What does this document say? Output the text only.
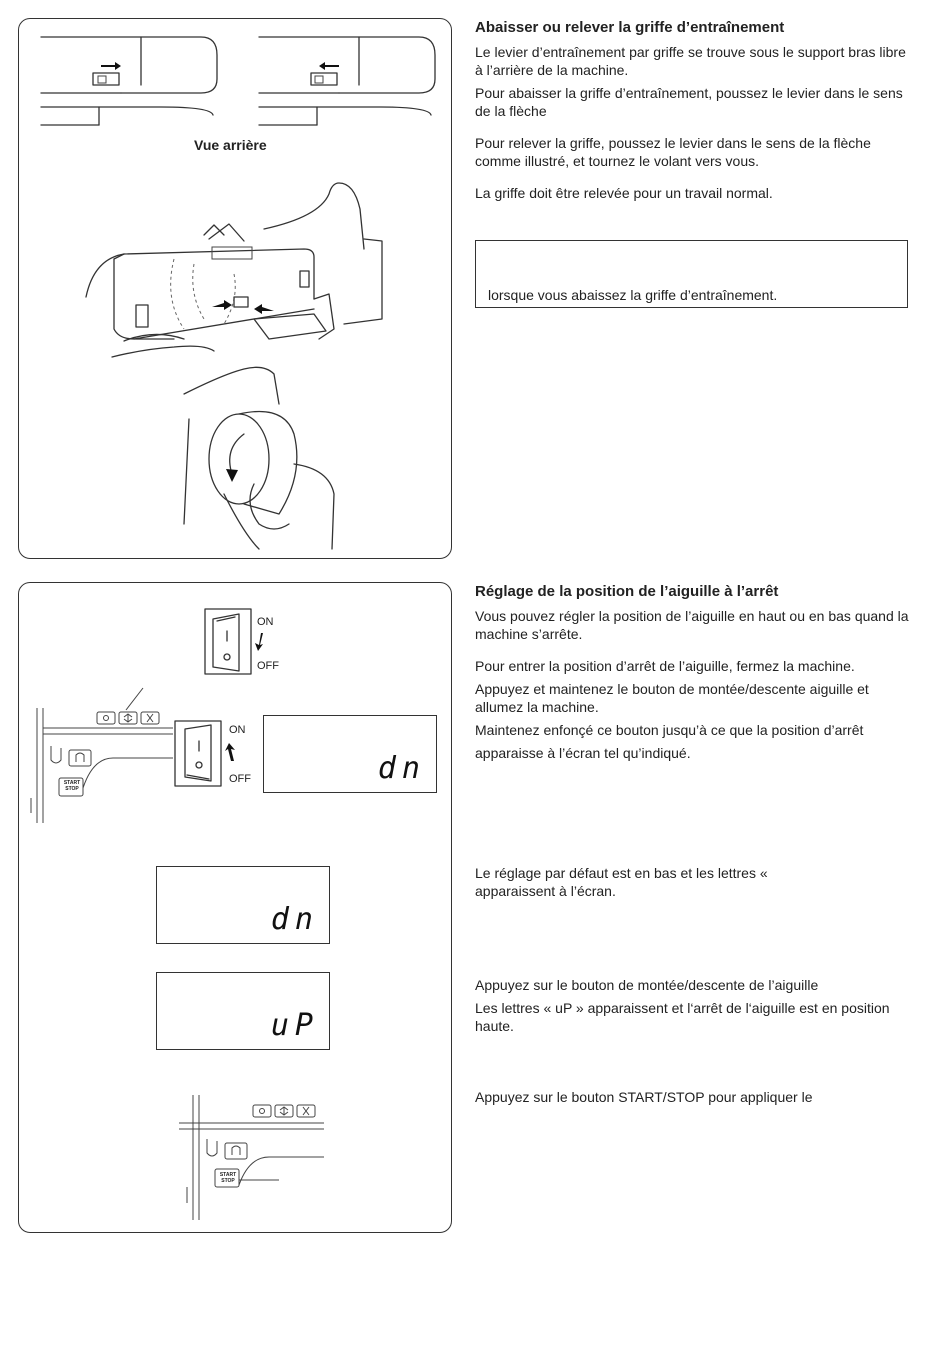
Vue arrière
Abaisser ou relever la griffe d’entraînement

Le levier d’entraînement par griffe se trouve sous le support bras libre à l’arrière de la machine.

Pour abaisser la griffe d’entraînement, poussez le levier dans le sens de la flèche

Pour relever la griffe, poussez le levier dans le sens de la flèche comme illustré, et tournez le volant vers vous.

La griffe doit être relevée pour un travail normal.

lorsque vous abaissez la griffe d’entraînement.

ON
OFF
START
STOP
ON
OFF	dn
dn
uP
START
STOP
Réglage de la position de l’aiguille à l’arrêt

Vous pouvez régler la position de l’aiguille en haut ou en bas quand la machine s’arrête.

Pour entrer la position d’arrêt de l’aiguille, fermez la machine.

Appuyez et maintenez le bouton de montée/descente aiguille et allumez la machine.

Maintenez enfonçé ce bouton jusqu’à ce que la position d’arrêt

apparaisse à l’écran tel qu’indiqué.

Le réglage par défaut est en bas et les lettres «

apparaissent à l’écran.

Appuyez sur le bouton de montée/descente de l’aiguille

Les lettres « uP » apparaissent et l‘arrêt de l‘aiguille est en position haute.

Appuyez sur le bouton START/STOP pour appliquer le
